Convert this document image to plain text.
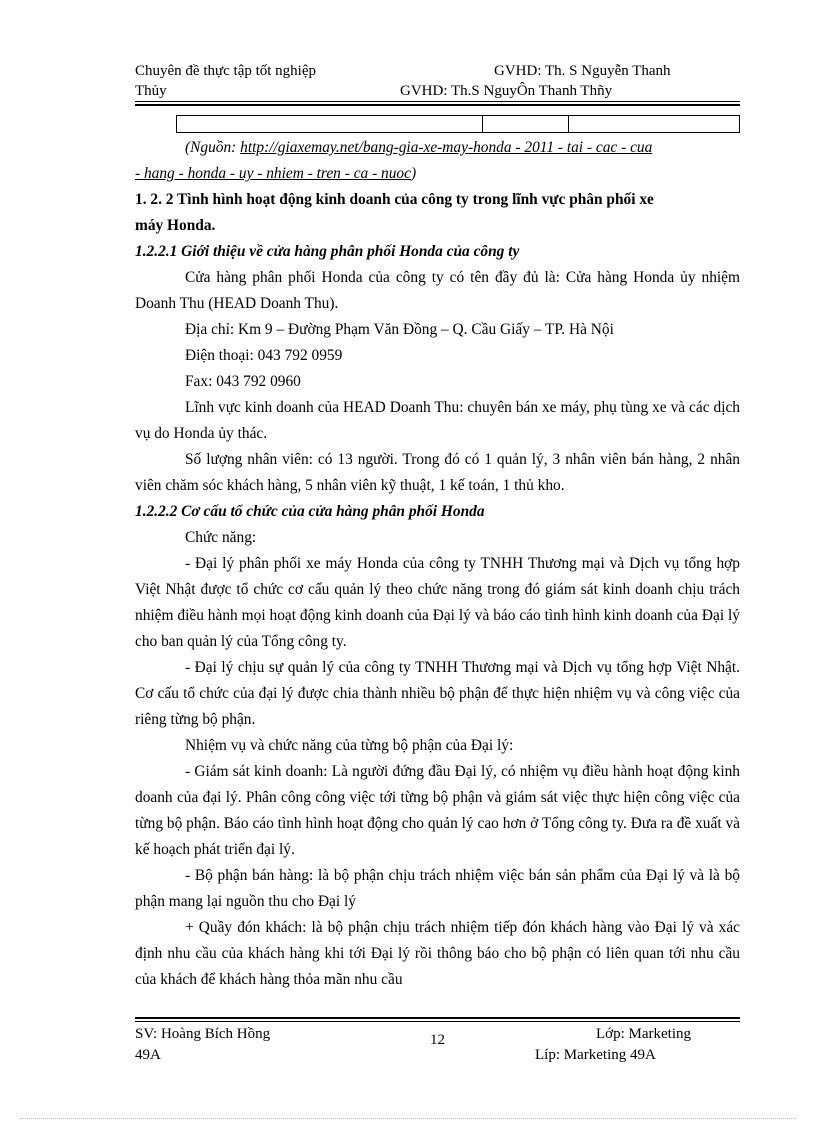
Chuyên đề thực tập tốt nghiệp	GVHD: Th. S Nguyễn Thanh
Thủy	GVHD: Th.S NguyÔn Thanh Thñy
(Nguồn: http://giaxemay.net/bang-gia-xe-may-honda - 2011 - tai - cac - cua
- hang - honda - uy - nhiem - tren - ca - nuoc)
1. 2. 2 Tình hình hoạt động kinh doanh của công ty trong lĩnh vực phân phối xe
máy Honda.
1.2.2.1 Giới thiệu về cửa hàng phân phối Honda của công ty
Cửa hàng phân phối Honda của công ty có tên đầy đủ là: Cửa hàng Honda ủy nhiệm Doanh Thu (HEAD Doanh Thu).
Địa chỉ: Km 9 – Đường Phạm Văn Đồng – Q. Cầu Giấy – TP. Hà Nội
Điện thoại: 043 792 0959
Fax: 043 792 0960
Lĩnh vực kinh doanh của HEAD Doanh Thu: chuyên bán xe máy, phụ tùng xe và các dịch vụ do Honda ủy thác.
Số lượng nhân viên: có 13 người. Trong đó có 1 quản lý, 3 nhân viên bán hàng, 2 nhân viên chăm sóc khách hàng, 5 nhân viên kỹ thuật, 1 kế toán, 1 thủ kho.
1.2.2.2 Cơ cấu tổ chức của cửa hàng phân phối Honda
Chức năng:
- Đại lý phân phối xe máy Honda của công ty TNHH Thương mại và Dịch vụ tổng hợp Việt Nhật được tổ chức cơ cấu quản lý theo chức năng trong đó giám sát kinh doanh chịu trách nhiệm điều hành mọi hoạt động kinh doanh của Đại lý và báo cáo tình hình kinh doanh của Đại lý cho ban quản lý của Tổng công ty.
- Đại lý chịu sự quản lý của công ty TNHH Thương mại và Dịch vụ tổng hợp Việt Nhật. Cơ cấu tổ chức của đại lý được chia thành nhiều bộ phận để thực hiện nhiệm vụ và công việc của riêng từng bộ phận.
Nhiệm vụ và chức năng của từng bộ phận của Đại lý:
- Giám sát kinh doanh: Là người đứng đầu Đại lý, có nhiệm vụ điều hành hoạt động kinh doanh của đại lý. Phân công công việc tới từng bộ phận và giám sát việc thực hiện công việc của từng bộ phận. Báo cáo tình hình hoạt động cho quản lý cao hơn ở Tổng công ty. Đưa ra đề xuất và kế hoạch phát triển đại lý.
- Bộ phận bán hàng: là bộ phận chịu trách nhiệm việc bán sản phẩm của Đại lý và là bộ phận mang lại nguồn thu cho Đại lý
+ Quầy đón khách: là bộ phận chịu trách nhiệm tiếp đón khách hàng vào Đại lý và xác định nhu cầu của khách hàng khi tới Đại lý rồi thông báo cho bộ phận có liên quan tới nhu cầu của khách để khách hàng thỏa mãn nhu cầu
SV: Hoàng Bích Hồng	12	Lớp: Marketing
49A	Líp: Marketing 49A
